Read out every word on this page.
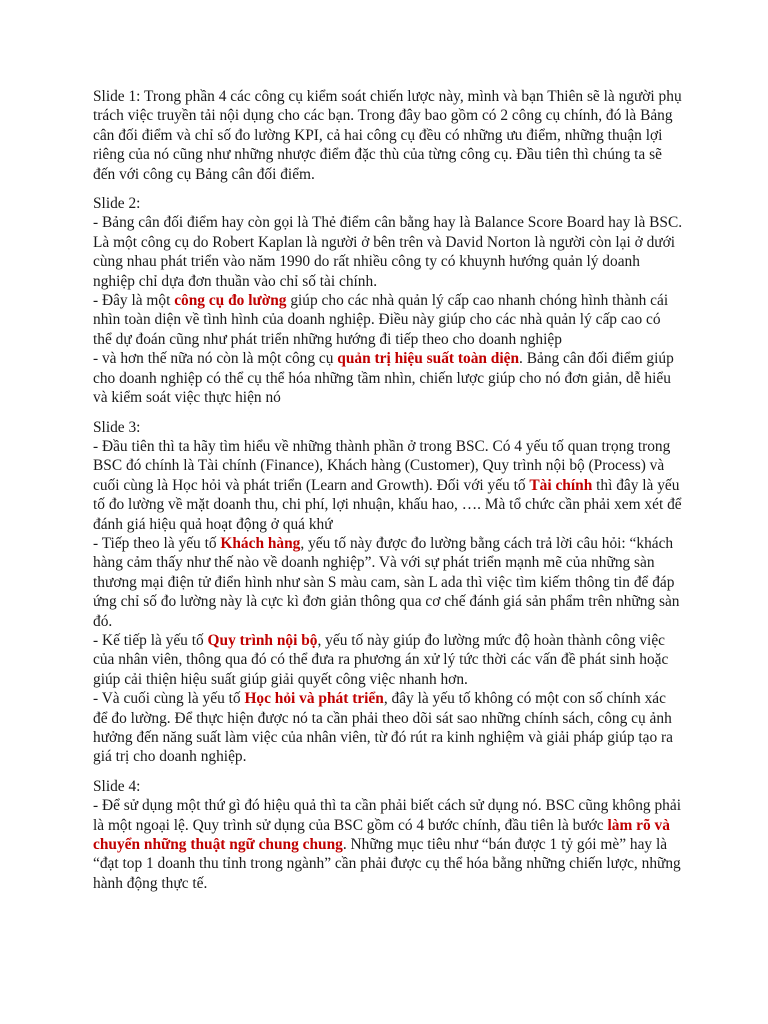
Slide 1: Trong phần 4 các công cụ kiểm soát chiến lược này, mình và bạn Thiên sẽ là người phụ trách việc truyền tải nội dụng cho các bạn. Trong đây bao gồm có 2 công cụ chính, đó là Bảng cân đối điểm và chỉ số đo lường KPI, cả hai công cụ đều có những ưu điểm, những thuận lợi riêng của nó cũng như những nhược điểm đặc thù của từng công cụ. Đầu tiên thì chúng ta sẽ đến với công cụ Bảng cân đối điểm.

Slide 2:

- Bảng cân đối điểm hay còn gọi là Thẻ điểm cân bằng hay là Balance Score Board hay là BSC. Là một công cụ do Robert Kaplan là người ở bên trên và David Norton là người còn lại ở dưới cùng nhau phát triển vào năm 1990 do rất nhiều công ty có khuynh hướng quản lý doanh nghiệp chỉ dựa đơn thuần vào chỉ số tài chính.

- Đây là một công cụ đo lường giúp cho các nhà quản lý cấp cao nhanh chóng hình thành cái nhìn toàn diện về tình hình của doanh nghiệp. Điều này giúp cho các nhà quản lý cấp cao có thể dự đoán cũng như phát triển những hướng đi tiếp theo cho doanh nghiệp

- và hơn thế nữa nó còn là một công cụ quản trị hiệu suất toàn diện. Bảng cân đối điểm giúp cho doanh nghiệp có thể cụ thể hóa những tầm nhìn, chiến lược giúp cho nó đơn giản, dễ hiểu và kiểm soát việc thực hiện nó

Slide 3:

- Đầu tiên thì ta hãy tìm hiểu về những thành phần ở trong BSC. Có 4 yếu tố quan trọng trong BSC đó chính là Tài chính (Finance), Khách hàng (Customer), Quy trình nội bộ (Process) và cuối cùng là Học hỏi và phát triển (Learn and Growth). Đối với yếu tố Tài chính thì đây là yếu tố đo lường về mặt doanh thu, chi phí, lợi nhuận, khấu hao, …. Mà tổ chức cần phải xem xét để đánh giá hiệu quả hoạt động ở quá khứ

- Tiếp theo là yếu tố Khách hàng, yếu tố này được đo lường bằng cách trả lời câu hỏi: “khách hàng cảm thấy như thế nào về doanh nghiệp”. Và với sự phát triển mạnh mẽ của những sàn thương mại điện tử điển hình như sàn S màu cam, sàn L ada thì việc tìm kiếm thông tin để đáp ứng chỉ số đo lường này là cực kì đơn giản thông qua cơ chế đánh giá sản phẩm trên những sàn đó.

- Kế tiếp là yếu tố Quy trình nội bộ, yếu tố này giúp đo lường mức độ hoàn thành công việc của nhân viên, thông qua đó có thể đưa ra phương án xử lý tức thời các vấn đề phát sinh hoặc giúp cải thiện hiệu suất giúp giải quyết công việc nhanh hơn.

- Và cuối cùng là yếu tố Học hỏi và phát triển, đây là yếu tố không có một con số chính xác để đo lường. Để thực hiện được nó ta cần phải theo dõi sát sao những chính sách, công cụ ảnh hưởng đến năng suất làm việc của nhân viên, từ đó rút ra kinh nghiệm và giải pháp giúp tạo ra giá trị cho doanh nghiệp.

Slide 4:

- Để sử dụng một thứ gì đó hiệu quả thì ta cần phải biết cách sử dụng nó. BSC cũng không phải là một ngoại lệ. Quy trình sử dụng của BSC gồm có 4 bước chính, đầu tiên là bước làm rõ và chuyển những thuật ngữ chung chung. Những mục tiêu như “bán được 1 tỷ gói mè” hay là “đạt top 1 doanh thu tỉnh trong ngành” cần phải được cụ thể hóa bằng những chiến lược, những hành động thực tế.
